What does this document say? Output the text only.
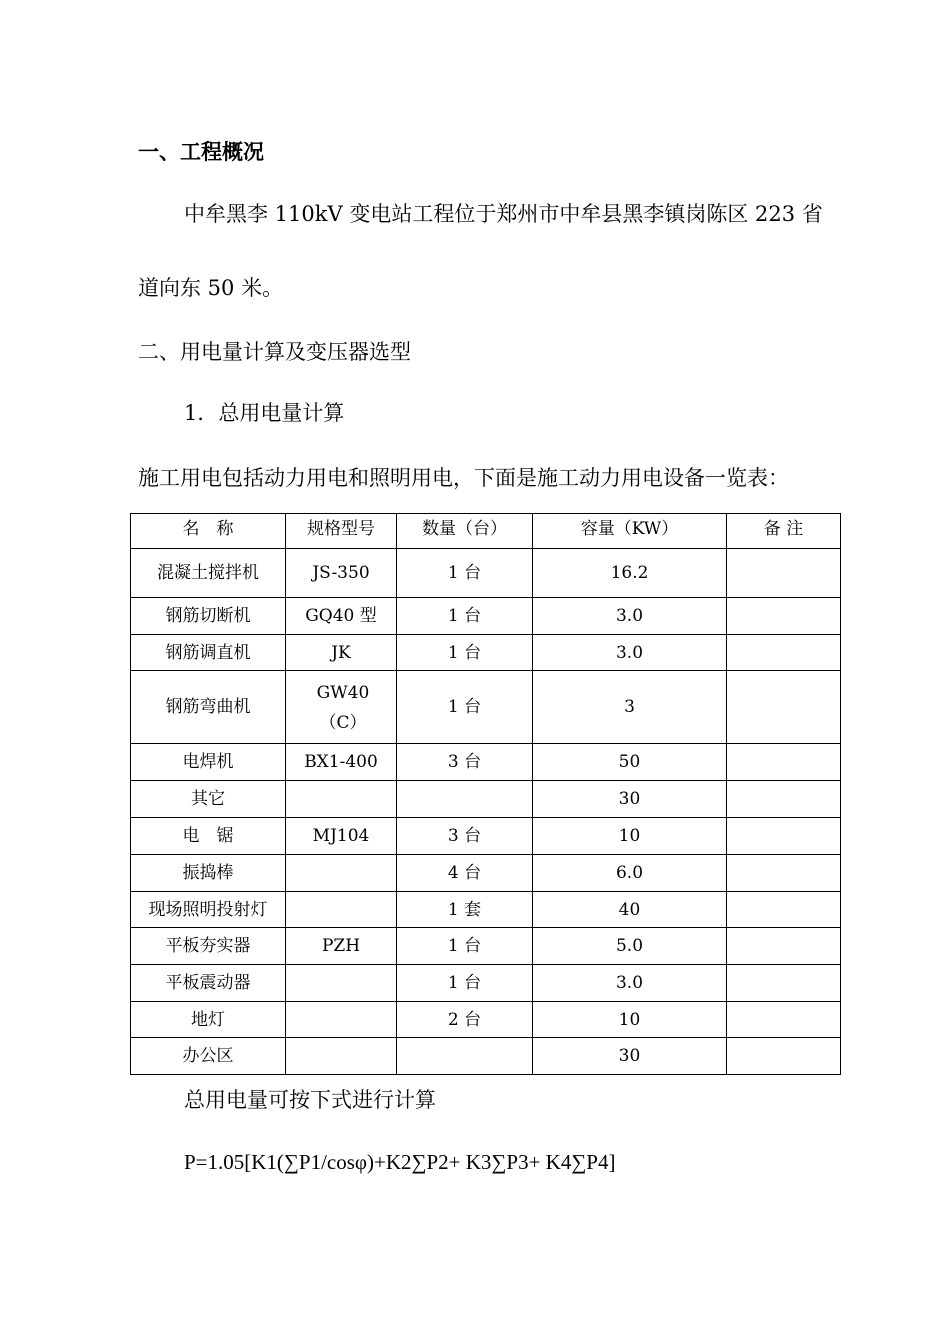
一、工程概况
中牟黑李 110kV 变电站工程位于郑州市中牟县黑李镇岗陈区 223 省
道向东 50 米。
二、用电量计算及变压器选型
1．总用电量计算
施工用电包括动力用电和照明用电，下面是施工动力用电设备一览表：
名　称	规格型号	数量（台）	容量（KW）	备 注
混凝土搅拌机	JS-350	1 台	16.2	
钢筋切断机	GQ40 型	1 台	3.0	
钢筋调直机	JK	1 台	3.0	
钢筋弯曲机	GW40（C）	1 台	3	
电焊机	BX1-400	3 台	50	
其它			30	
电　锯	MJ104	3 台	10	
振捣棒		4 台	6.0	
现场照明投射灯		1 套	40	
平板夯实器	PZH	1 台	5.0	
平板震动器		1 台	3.0	
地灯		2 台	10	
办公区			30	
总用电量可按下式进行计算
P=1.05[K1(∑P1/cosφ)+K2∑P2+ K3∑P3+ K4∑P4]
